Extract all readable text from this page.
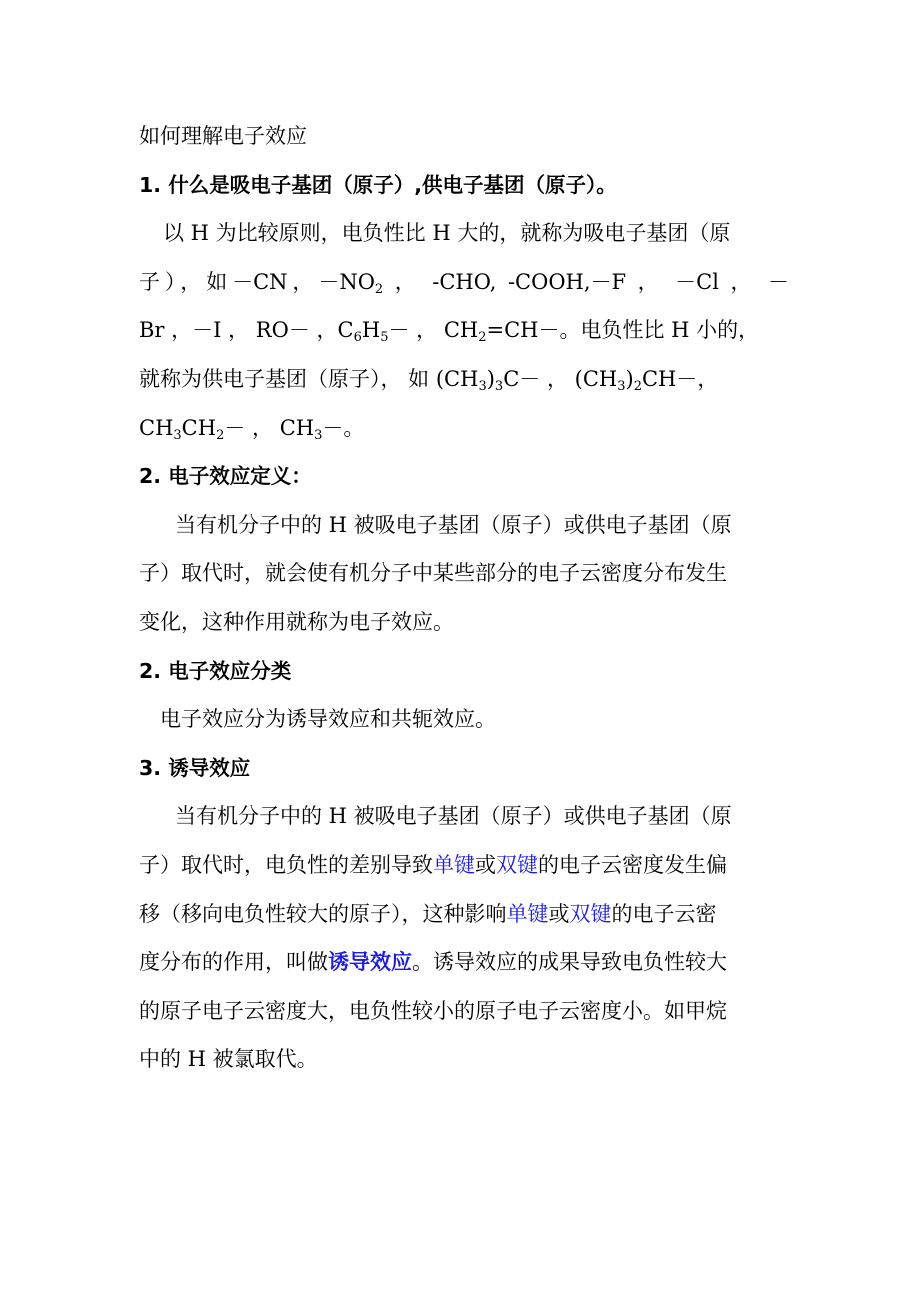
如何理解电子效应
1. 什么是吸电子基团（原子）,供电子基团（原子）。
以 H 为比较原则，电负性比 H 大的，就称为吸电子基团（原
子），如－CN，$-NO_2$ ， -CHO, -COOH,－F ， －Cl ， －
Br ，－I ， RO－ ，$C_6H_5-$ ， $CH_2=CH-$。电负性比 H 小的，
就称为供电子基团（原子）， 如 $(CH_3)_3C-$ ， $(CH_3)_2CH-$，
$CH_3CH_2-$ ， $CH_3-$。
2. 电子效应定义：
当有机分子中的 H 被吸电子基团（原子）或供电子基团（原
子）取代时，就会使有机分子中某些部分的电子云密度分布发生
变化，这种作用就称为电子效应。
2. 电子效应分类
电子效应分为诱导效应和共轭效应。
3. 诱导效应
当有机分子中的 H 被吸电子基团（原子）或供电子基团（原
子）取代时，电负性的差别导致单键或双键的电子云密度发生偏
移（移向电负性较大的原子），这种影响单键或双键的电子云密
度分布的作用，叫做诱导效应。诱导效应的成果导致电负性较大
的原子电子云密度大，电负性较小的原子电子云密度小。如甲烷
中的 H 被氯取代。
